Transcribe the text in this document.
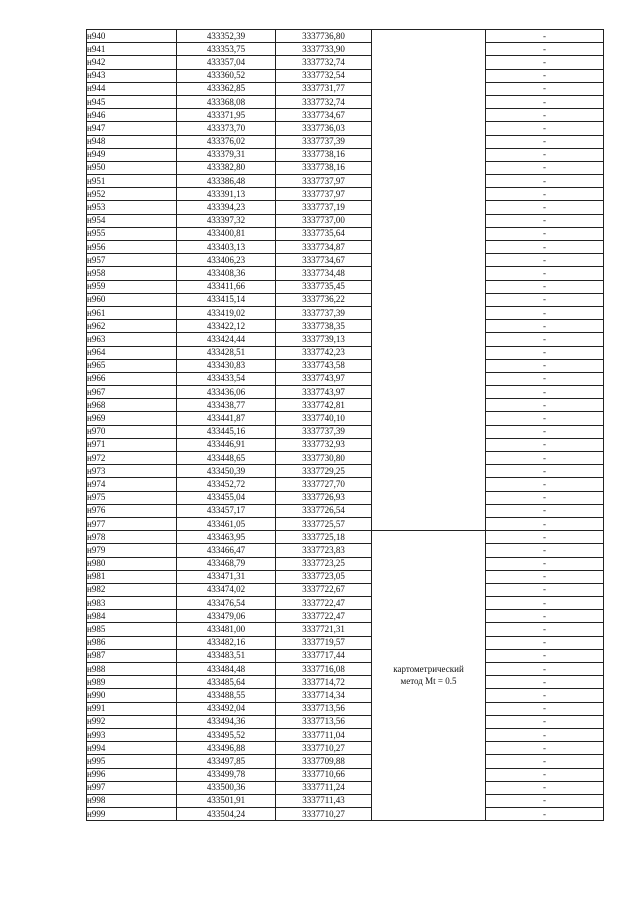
н940	433352,39	3337736,80		-
н941	433353,75	3337733,90		-
н942	433357,04	3337732,74		-
н943	433360,52	3337732,54		-
н944	433362,85	3337731,77		-
н945	433368,08	3337732,74		-
н946	433371,95	3337734,67		-
н947	433373,70	3337736,03		-
н948	433376,02	3337737,39		-
н949	433379,31	3337738,16		-
н950	433382,80	3337738,16		-
н951	433386,48	3337737,97		-
н952	433391,13	3337737,97		-
н953	433394,23	3337737,19		-
н954	433397,32	3337737,00		-
н955	433400,81	3337735,64		-
н956	433403,13	3337734,87		-
н957	433406,23	3337734,67		-
н958	433408,36	3337734,48		-
н959	433411,66	3337735,45		-
н960	433415,14	3337736,22		-
н961	433419,02	3337737,39		-
н962	433422,12	3337738,35		-
н963	433424,44	3337739,13		-
н964	433428,51	3337742,23		-
н965	433430,83	3337743,58		-
н966	433433,54	3337743,97		-
н967	433436,06	3337743,97		-
н968	433438,77	3337742,81		-
н969	433441,87	3337740,10		-
н970	433445,16	3337737,39		-
н971	433446,91	3337732,93		-
н972	433448,65	3337730,80		-
н973	433450,39	3337729,25		-
н974	433452,72	3337727,70		-
н975	433455,04	3337726,93		-
н976	433457,17	3337726,54		-
н977	433461,05	3337725,57		-
н978	433463,95	3337725,18	картометрический
метод Mt = 0.5	-
н979	433466,47	3337723,83		-
н980	433468,79	3337723,25		-
н981	433471,31	3337723,05		-
н982	433474,02	3337722,67		-
н983	433476,54	3337722,47		-
н984	433479,06	3337722,47		-
н985	433481,00	3337721,31		-
н986	433482,16	3337719,57		-
н987	433483,51	3337717,44		-
н988	433484,48	3337716,08		-
н989	433485,64	3337714,72		-
н990	433488,55	3337714,34		-
н991	433492,04	3337713,56		-
н992	433494,36	3337713,56		-
н993	433495,52	3337711,04		-
н994	433496,88	3337710,27		-
н995	433497,85	3337709,88		-
н996	433499,78	3337710,66		-
н997	433500,36	3337711,24		-
н998	433501,91	3337711,43		-
н999	433504,24	3337710,27		-
